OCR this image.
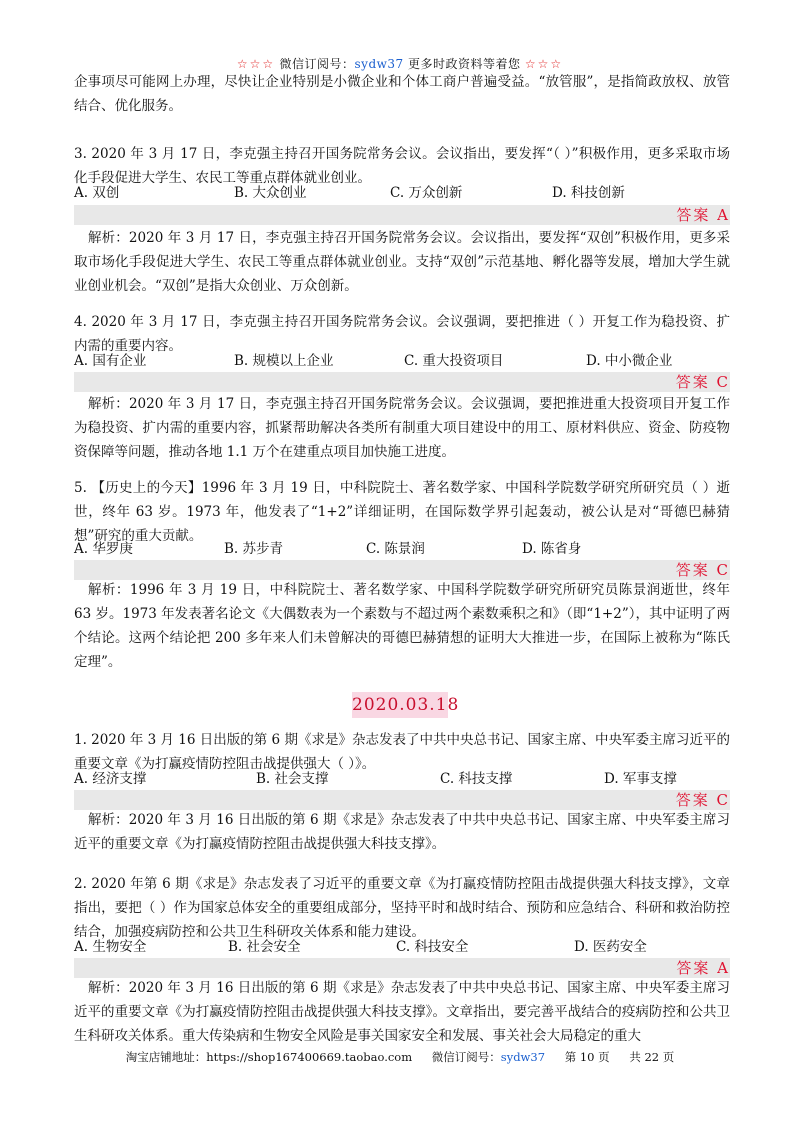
☆☆☆ 微信订阅号：sydw37 更多时政资料等着您 ☆☆☆
企事项尽可能网上办理，尽快让企业特别是小微企业和个体工商户普遍受益。“放管服”，是指简政放权、放管结合、优化服务。
3. 2020 年 3 月 17 日，李克强主持召开国务院常务会议。会议指出，要发挥“（ ）”积极作用，更多采取市场化手段促进大学生、农民工等重点群体就业创业。
A. 双创	B. 大众创业	C. 万众创新	D. 科技创新
答案 A
解析：2020 年 3 月 17 日，李克强主持召开国务院常务会议。会议指出，要发挥“双创”积极作用，更多采取市场化手段促进大学生、农民工等重点群体就业创业。支持“双创”示范基地、孵化器等发展，增加大学生就业创业机会。“双创”是指大众创业、万众创新。
4. 2020 年 3 月 17 日，李克强主持召开国务院常务会议。会议强调，要把推进（ ）开复工作为稳投资、扩内需的重要内容。
A. 国有企业	B. 规模以上企业	C. 重大投资项目	D. 中小微企业
答案 C
解析：2020 年 3 月 17 日，李克强主持召开国务院常务会议。会议强调，要把推进重大投资项目开复工作为稳投资、扩内需的重要内容，抓紧帮助解决各类所有制重大项目建设中的用工、原材料供应、资金、防疫物资保障等问题，推动各地 1.1 万个在建重点项目加快施工进度。
5. 【历史上的今天】1996 年 3 月 19 日，中科院院士、著名数学家、中国科学院数学研究所研究员（ ）逝世，终年 63 岁。1973 年，他发表了“1+2”详细证明，在国际数学界引起轰动，被公认是对“哥德巴赫猜想”研究的重大贡献。
A. 华罗庚	B. 苏步青	C. 陈景润	D. 陈省身
答案 C
解析：1996 年 3 月 19 日，中科院院士、著名数学家、中国科学院数学研究所研究员陈景润逝世，终年 63 岁。1973 年发表著名论文《大偶数表为一个素数与不超过两个素数乘积之和》（即“1+2”），其中证明了两个结论。这两个结论把 200 多年来人们未曾解决的哥德巴赫猜想的证明大大推进一步，在国际上被称为“陈氏定理”。
2020.03.18
1. 2020 年 3 月 16 日出版的第 6 期《求是》杂志发表了中共中央总书记、国家主席、中央军委主席习近平的重要文章《为打赢疫情防控阻击战提供强大（ ）》。
A. 经济支撑	B. 社会支撑	C. 科技支撑	D. 军事支撑
答案 C
解析：2020 年 3 月 16 日出版的第 6 期《求是》杂志发表了中共中央总书记、国家主席、中央军委主席习近平的重要文章《为打赢疫情防控阻击战提供强大科技支撑》。
2. 2020 年第 6 期《求是》杂志发表了习近平的重要文章《为打赢疫情防控阻击战提供强大科技支撑》，文章指出，要把（ ）作为国家总体安全的重要组成部分，坚持平时和战时结合、预防和应急结合、科研和救治防控结合，加强疫病防控和公共卫生科研攻关体系和能力建设。
A. 生物安全	B. 社会安全	C. 科技安全	D. 医药安全
答案 A
解析：2020 年 3 月 16 日出版的第 6 期《求是》杂志发表了中共中央总书记、国家主席、中央军委主席习近平的重要文章《为打赢疫情防控阻击战提供强大科技支撑》。文章指出，要完善平战结合的疫病防控和公共卫生科研攻关体系。重大传染病和生物安全风险是事关国家安全和发展、事关社会大局稳定的重大
淘宝店铺地址：https://shop167400669.taobao.com 微信订阅号：sydw37 第 10 页 共 22 页
